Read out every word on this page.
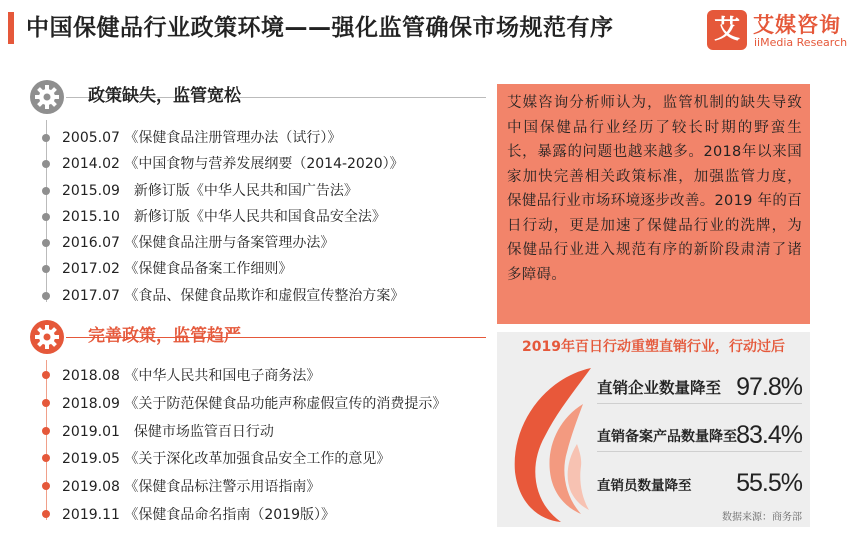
中国保健品行业政策环境——强化监管确保市场规范有序	艾 艾媒咨询
iiMedia Research
政策缺失，监管宽松
2005.07 《保健食品注册管理办法（试行）》
2014.02 《中国食物与营养发展纲要（2014-2020）》
2015.09　新修订版《中华人民共和国广告法》
2015.10　新修订版《中华人民共和国食品安全法》
2016.07 《保健食品注册与备案管理办法》
2017.02 《保健食品备案工作细则》
2017.07 《食品、保健食品欺诈和虚假宣传整治方案》
完善政策，监管趋严
2018.08 《中华人民共和国电子商务法》
2018.09 《关于防范保健食品功能声称虚假宣传的消费提示》
2019.01　保健市场监管百日行动
2019.05 《关于深化改革加强食品安全工作的意见》
2019.08 《保健食品标注警示用语指南》
2019.11 《保健食品命名指南（2019版）》

艾媒咨询分析师认为，监管机制的缺失导致中国保健品行业经历了较长时期的野蛮生长，暴露的问题也越来越多。2018年以来国家加快完善相关政策标准，加强监管力度，保健品行业市场环境逐步改善。2019 年的百日行动，更是加速了保健品行业的洗牌，为保健品行业进入规范有序的新阶段肃清了诸多障碍。

2019年百日行动重塑直销行业，行动过后
直销企业数量降至 97.8%
直销备案产品数量降至 83.4%
直销员数量降至 55.5%
数据来源：商务部
